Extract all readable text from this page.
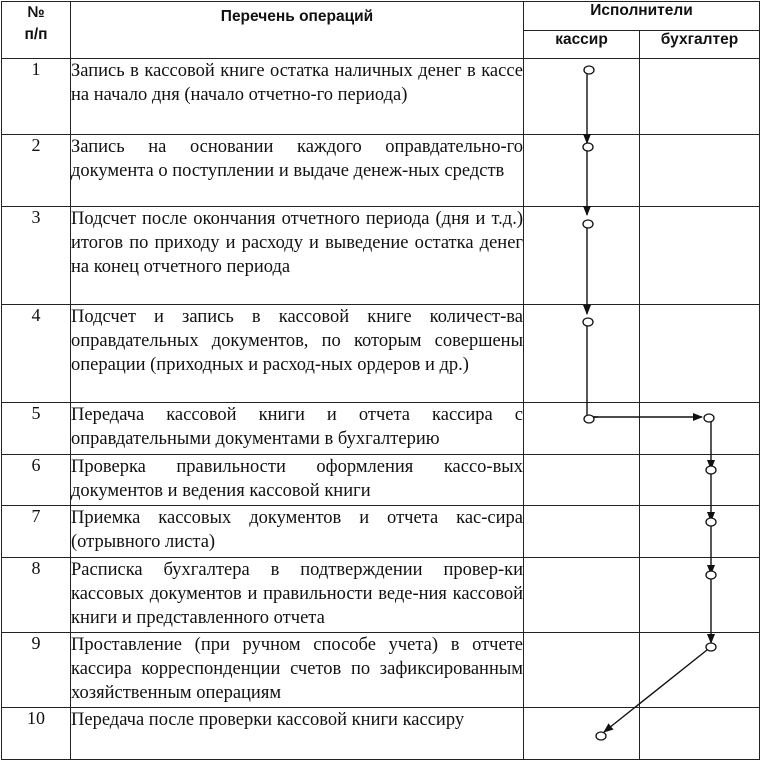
№
п/п	Перечень операций	Исполнители	
		кассир	бухгалтер
1	Запись в кассовой книге остатка наличных денег в кассе на начало дня (начало отчетно-го периода)		
2	Запись на основании каждого оправдательно-го документа о поступлении и выдаче денеж-ных средств		
3	Подсчет после окончания отчетного периода (дня и т.д.) итогов по приходу и расходу и выведение остатка денег на конец отчетного периода		
4	Подсчет и запись в кассовой книге количест-ва оправдательных документов, по которым совершены операции (приходных и расход-ных ордеров и др.)		
5	Передача кассовой книги и отчета кассира с оправдательными документами в бухгалтерию		
6	Проверка правильности оформления кассо-вых документов и ведения кассовой книги		
7	Приемка кассовых документов и отчета кас-сира (отрывного листа)		
8	Расписка бухгалтера в подтверждении провер-ки кассовых документов и правильности веде-ния кассовой книги и представленного отчета		
9	Проставление (при ручном способе учета) в отчете кассира корреспонденции счетов по зафиксированным хозяйственным операциям		
10	Передача после проверки кассовой книги кассиру		
